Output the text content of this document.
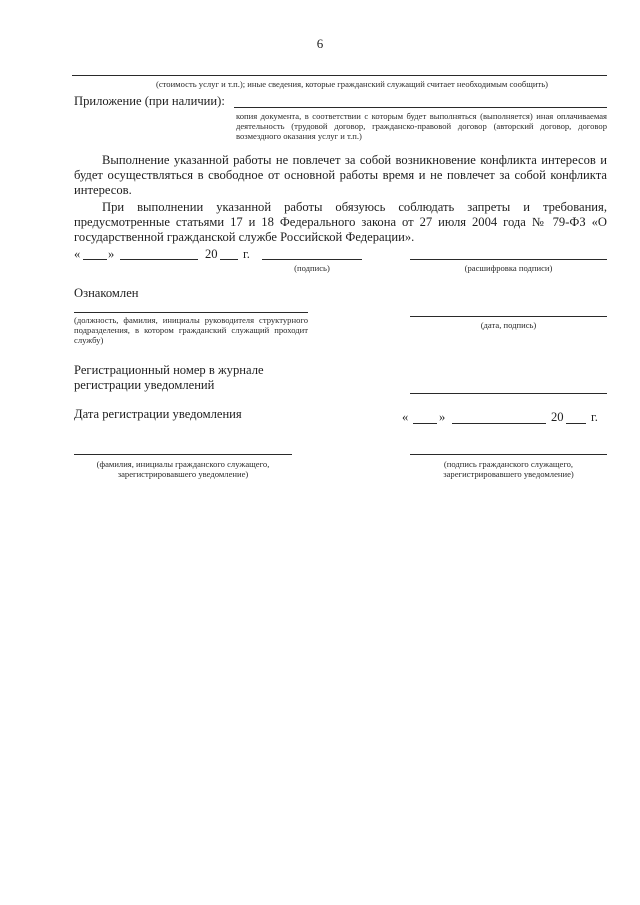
6
(стоимость услуг и т.п.); иные сведения, которые гражданский служащий считает необходимым сообщить)
Приложение (при наличии):
копия документа, в соответствии с которым будет выполняться (выполняется) иная оплачиваемая деятельность (трудовой договор, гражданско-правовой договор (авторский договор, договор возмездного оказания услуг и т.п.)
Выполнение указанной работы не повлечет за собой возникновение конфликта интересов и будет осуществляться в свободное от основной работы время и не повлечет за собой конфликта интересов.
При выполнении указанной работы обязуюсь соблюдать запреты и требования, предусмотренные статьями 17 и 18 Федерального закона от 27 июля 2004 года № 79-ФЗ «О государственной гражданской службе Российской Федерации».
« »	20 г.
(подпись)	(расшифровка подписи)
Ознакомлен
(должность, фамилия, инициалы руководителя структурного подразделения, в котором гражданский служащий проходит службу)
(дата, подпись)
Регистрационный номер в журнале регистрации уведомлений
Дата регистрации уведомления	« »	20 г.
(фамилия, инициалы гражданского служащего, зарегистрировавшего уведомление)
(подпись гражданского служащего, зарегистрировавшего уведомление)
